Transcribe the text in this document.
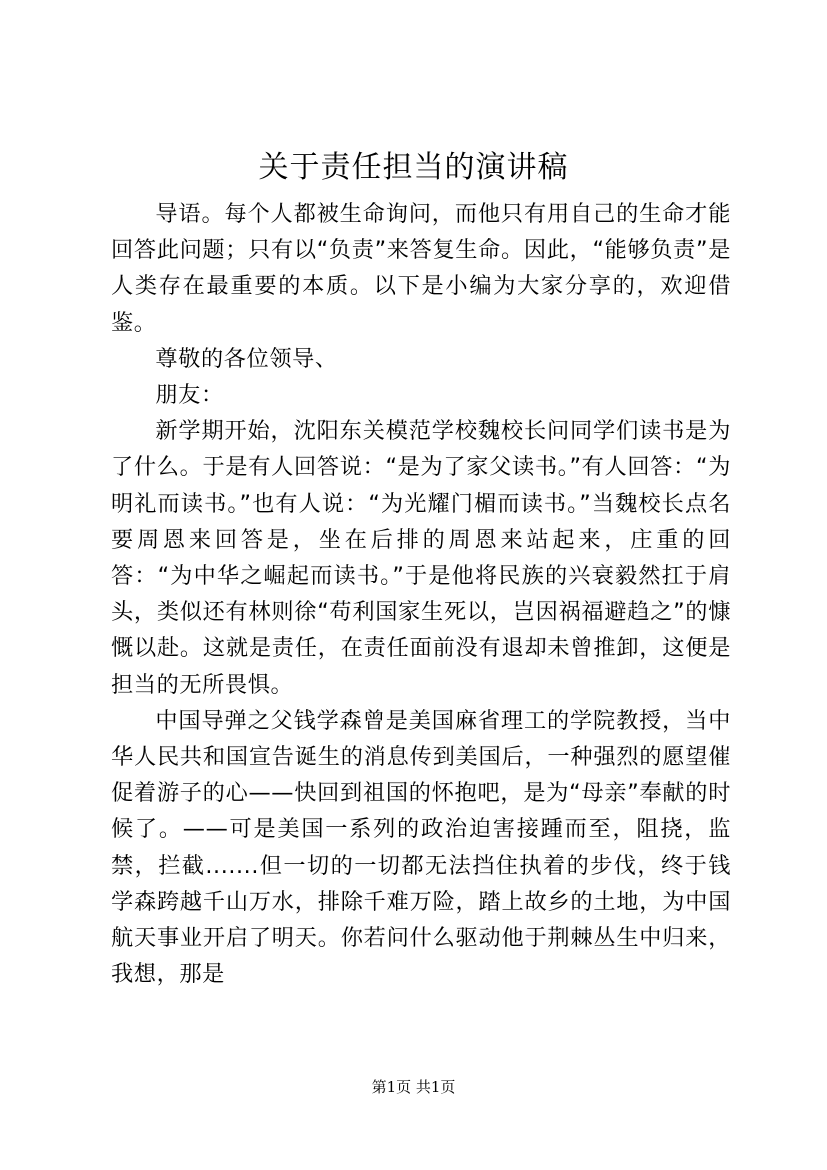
关于责任担当的演讲稿

导语。每个人都被生命询问，而他只有用自己的生命才能回答此问题；只有以“负责”来答复生命。因此，“能够负责”是人类存在最重要的本质。以下是小编为大家分享的，欢迎借鉴。

尊敬的各位领导、

朋友：

新学期开始，沈阳东关模范学校魏校长问同学们读书是为了什么。于是有人回答说：“是为了家父读书。”有人回答：“为明礼而读书。”也有人说：“为光耀门楣而读书。”当魏校长点名要周恩来回答是，坐在后排的周恩来站起来，庄重的回答：“为中华之崛起而读书。”于是他将民族的兴衰毅然扛于肩头，类似还有林则徐“苟利国家生死以，岂因祸福避趋之”的慷慨以赴。这就是责任，在责任面前没有退却未曾推卸，这便是担当的无所畏惧。

中国导弹之父钱学森曾是美国麻省理工的学院教授，当中华人民共和国宣告诞生的消息传到美国后，一种强烈的愿望催促着游子的心——快回到祖国的怀抱吧，是为“母亲”奉献的时候了。——可是美国一系列的政治迫害接踵而至，阻挠，监禁，拦截.......但一切的一切都无法挡住执着的步伐，终于钱学森跨越千山万水，排除千难万险，踏上故乡的土地，为中国航天事业开启了明天。你若问什么驱动他于荆棘丛生中归来，我想，那是

第1页 共1页
